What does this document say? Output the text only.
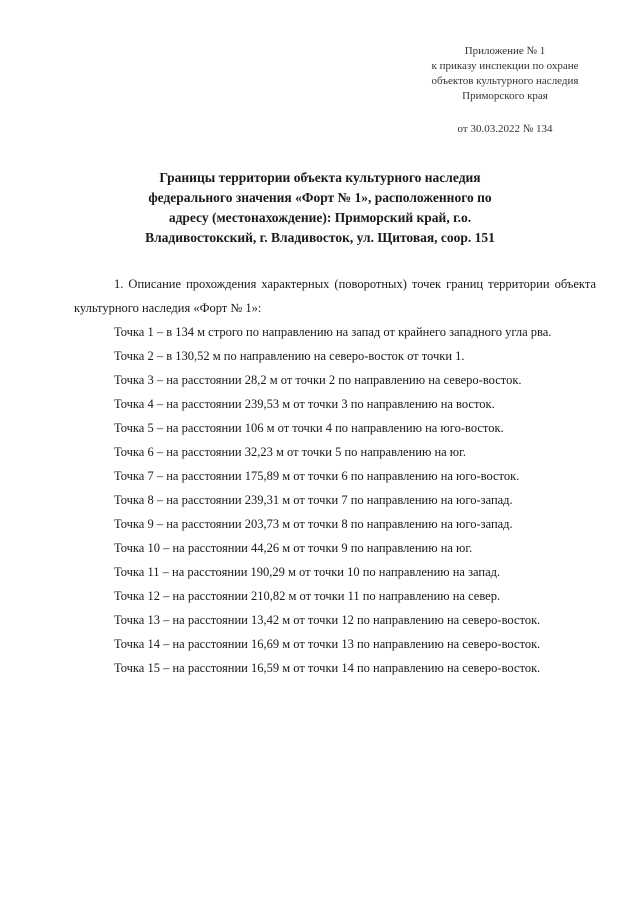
Приложение № 1
к приказу инспекции по охране
объектов культурного наследия
Приморского края
от 30.03.2022 № 134
Границы территории объекта культурного наследия
федерального значения «Форт № 1», расположенного по
адресу (местонахождение): Приморский край, г.о.
Владивостокский, г. Владивосток, ул. Щитовая, соор. 151

1. Описание прохождения характерных (поворотных) точек границ территории объекта культурного наследия «Форт № 1»:

Точка 1 – в 134 м строго по направлению на запад от крайнего западного угла рва.

Точка 2 – в 130,52 м по направлению на северо-восток от точки 1.

Точка 3 – на расстоянии 28,2 м от точки 2 по направлению на северо-восток.

Точка 4 – на расстоянии 239,53 м от точки 3 по направлению на восток.

Точка 5 – на расстоянии 106 м от точки 4 по направлению на юго-восток.

Точка 6 – на расстоянии 32,23 м от точки 5 по направлению на юг.

Точка 7 – на расстоянии 175,89 м от точки 6 по направлению на юго-восток.

Точка 8 – на расстоянии 239,31 м от точки 7 по направлению на юго-запад.

Точка 9 – на расстоянии 203,73 м от точки 8 по направлению на юго-запад.

Точка 10 – на расстоянии 44,26 м от точки 9 по направлению на юг.

Точка 11 – на расстоянии 190,29 м от точки 10 по направлению на запад.

Точка 12 – на расстоянии 210,82 м от точки 11 по направлению на север.

Точка 13 – на расстоянии 13,42 м от точки 12 по направлению на северо-восток.

Точка 14 – на расстоянии 16,69 м от точки 13 по направлению на северо-восток.

Точка 15 – на расстоянии 16,59 м от точки 14 по направлению на северо-восток.
